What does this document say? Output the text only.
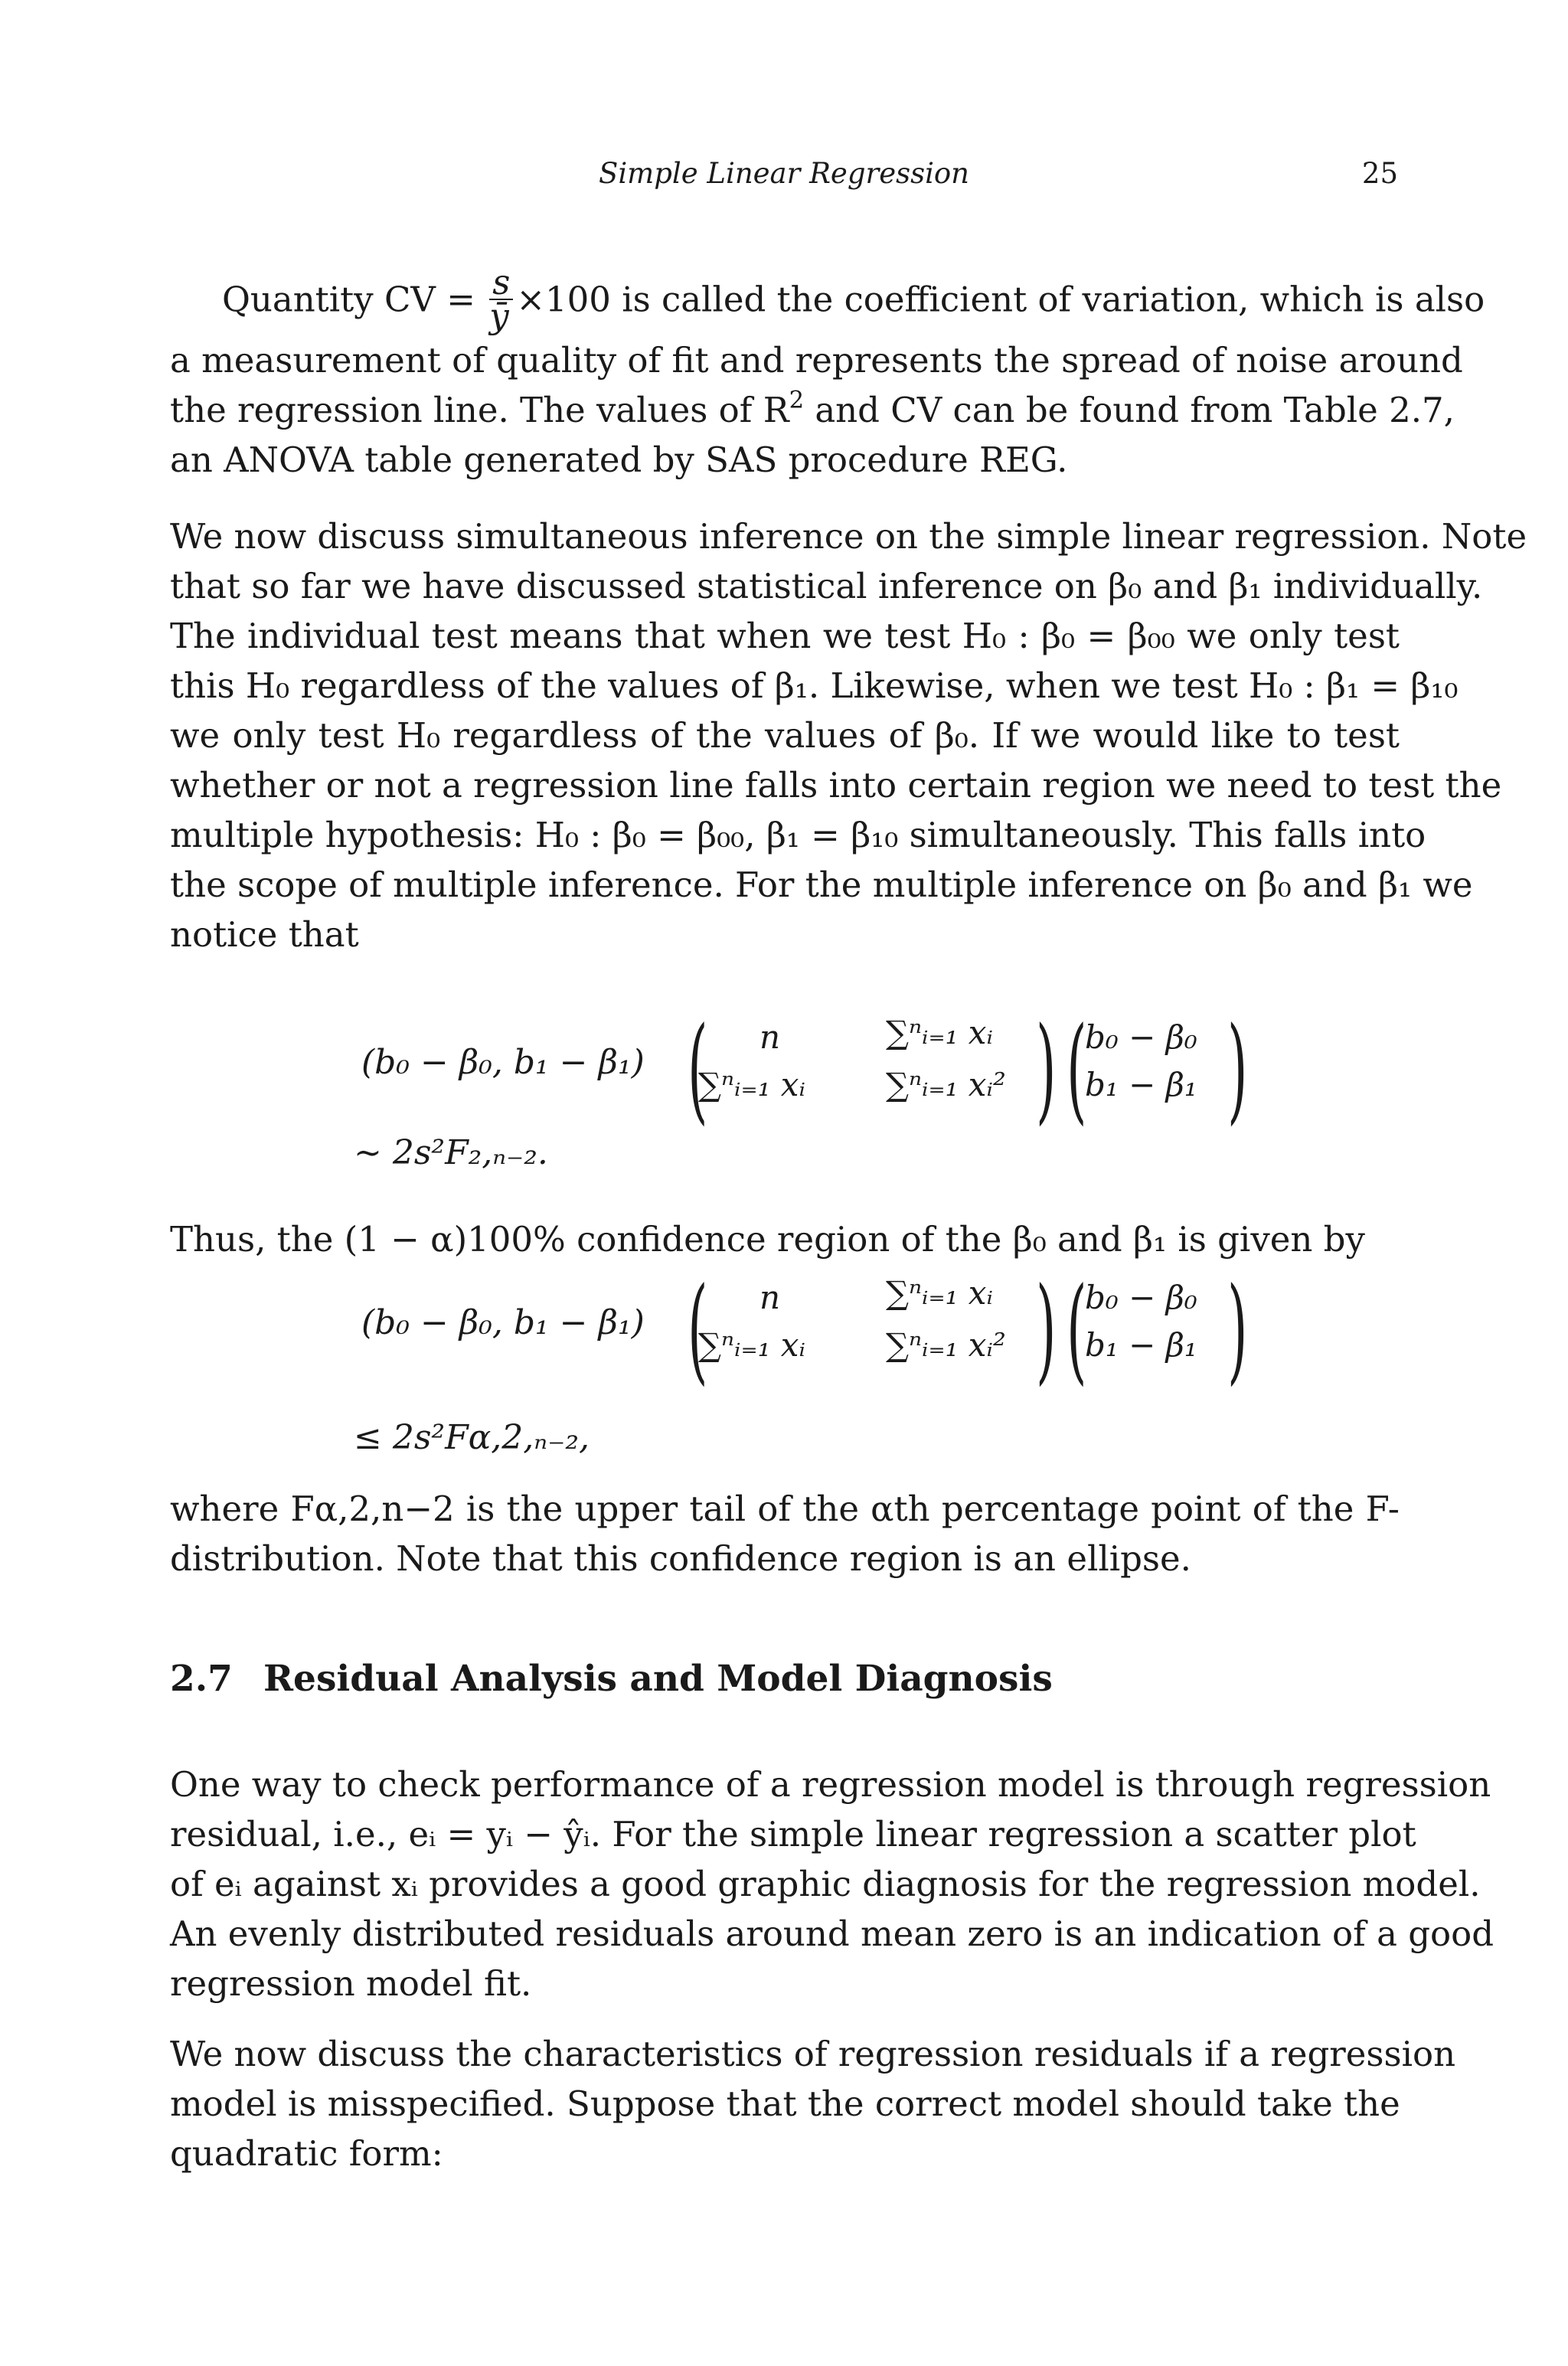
Simple Linear Regression	25

Quantity CV = $\frac{s}{ȳ} \times 100$ is called the coefficient of variation, which is also
a measurement of quality of fit and represents the spread of noise around
the regression line. The values of $R^2$ and CV can be found from Table 2.7,
an ANOVA table generated by SAS procedure REG.

We now discuss simultaneous inference on the simple linear regression. Note
that so far we have discussed statistical inference on β₀ and β₁ individually.
The individual test means that when we test H₀ : β₀ = β₀₀ we only test
this H₀ regardless of the values of β₁. Likewise, when we test H₀ : β₁ = β₁₀
we only test H₀ regardless of the values of β₀. If we would like to test
whether or not a regression line falls into certain region we need to test the
multiple hypothesis: H₀ : β₀ = β₀₀, β₁ = β₁₀ simultaneously. This falls into
the scope of multiple inference. For the multiple inference on β₀ and β₁ we
notice that

(b₀ − β₀, b₁ − β₁) ( n	∑ⁿᵢ₌₁ xᵢ
∑ⁿᵢ₌₁ xᵢ	∑ⁿᵢ₌₁ xᵢ² ) (
b₀ − β₀
b₁ − β₁ )
∼ 2s²F₂,ₙ₋₂.

Thus, the (1 − α)100% confidence region of the β₀ and β₁ is given by

(b₀ − β₀, b₁ − β₁) ( n	∑ⁿᵢ₌₁ xᵢ
∑ⁿᵢ₌₁ xᵢ	∑ⁿᵢ₌₁ xᵢ² ) (
b₀ − β₀
b₁ − β₁ )
≤ 2s²Fα,2,ₙ₋₂,

where Fα,2,n−2 is the upper tail of the αth percentage point of the F-
distribution. Note that this confidence region is an ellipse.

2.7 Residual Analysis and Model Diagnosis

One way to check performance of a regression model is through regression
residual, i.e., eᵢ = yᵢ − ŷᵢ. For the simple linear regression a scatter plot
of eᵢ against xᵢ provides a good graphic diagnosis for the regression model.
An evenly distributed residuals around mean zero is an indication of a good
regression model fit.

We now discuss the characteristics of regression residuals if a regression
model is misspecified. Suppose that the correct model should take the
quadratic form:
